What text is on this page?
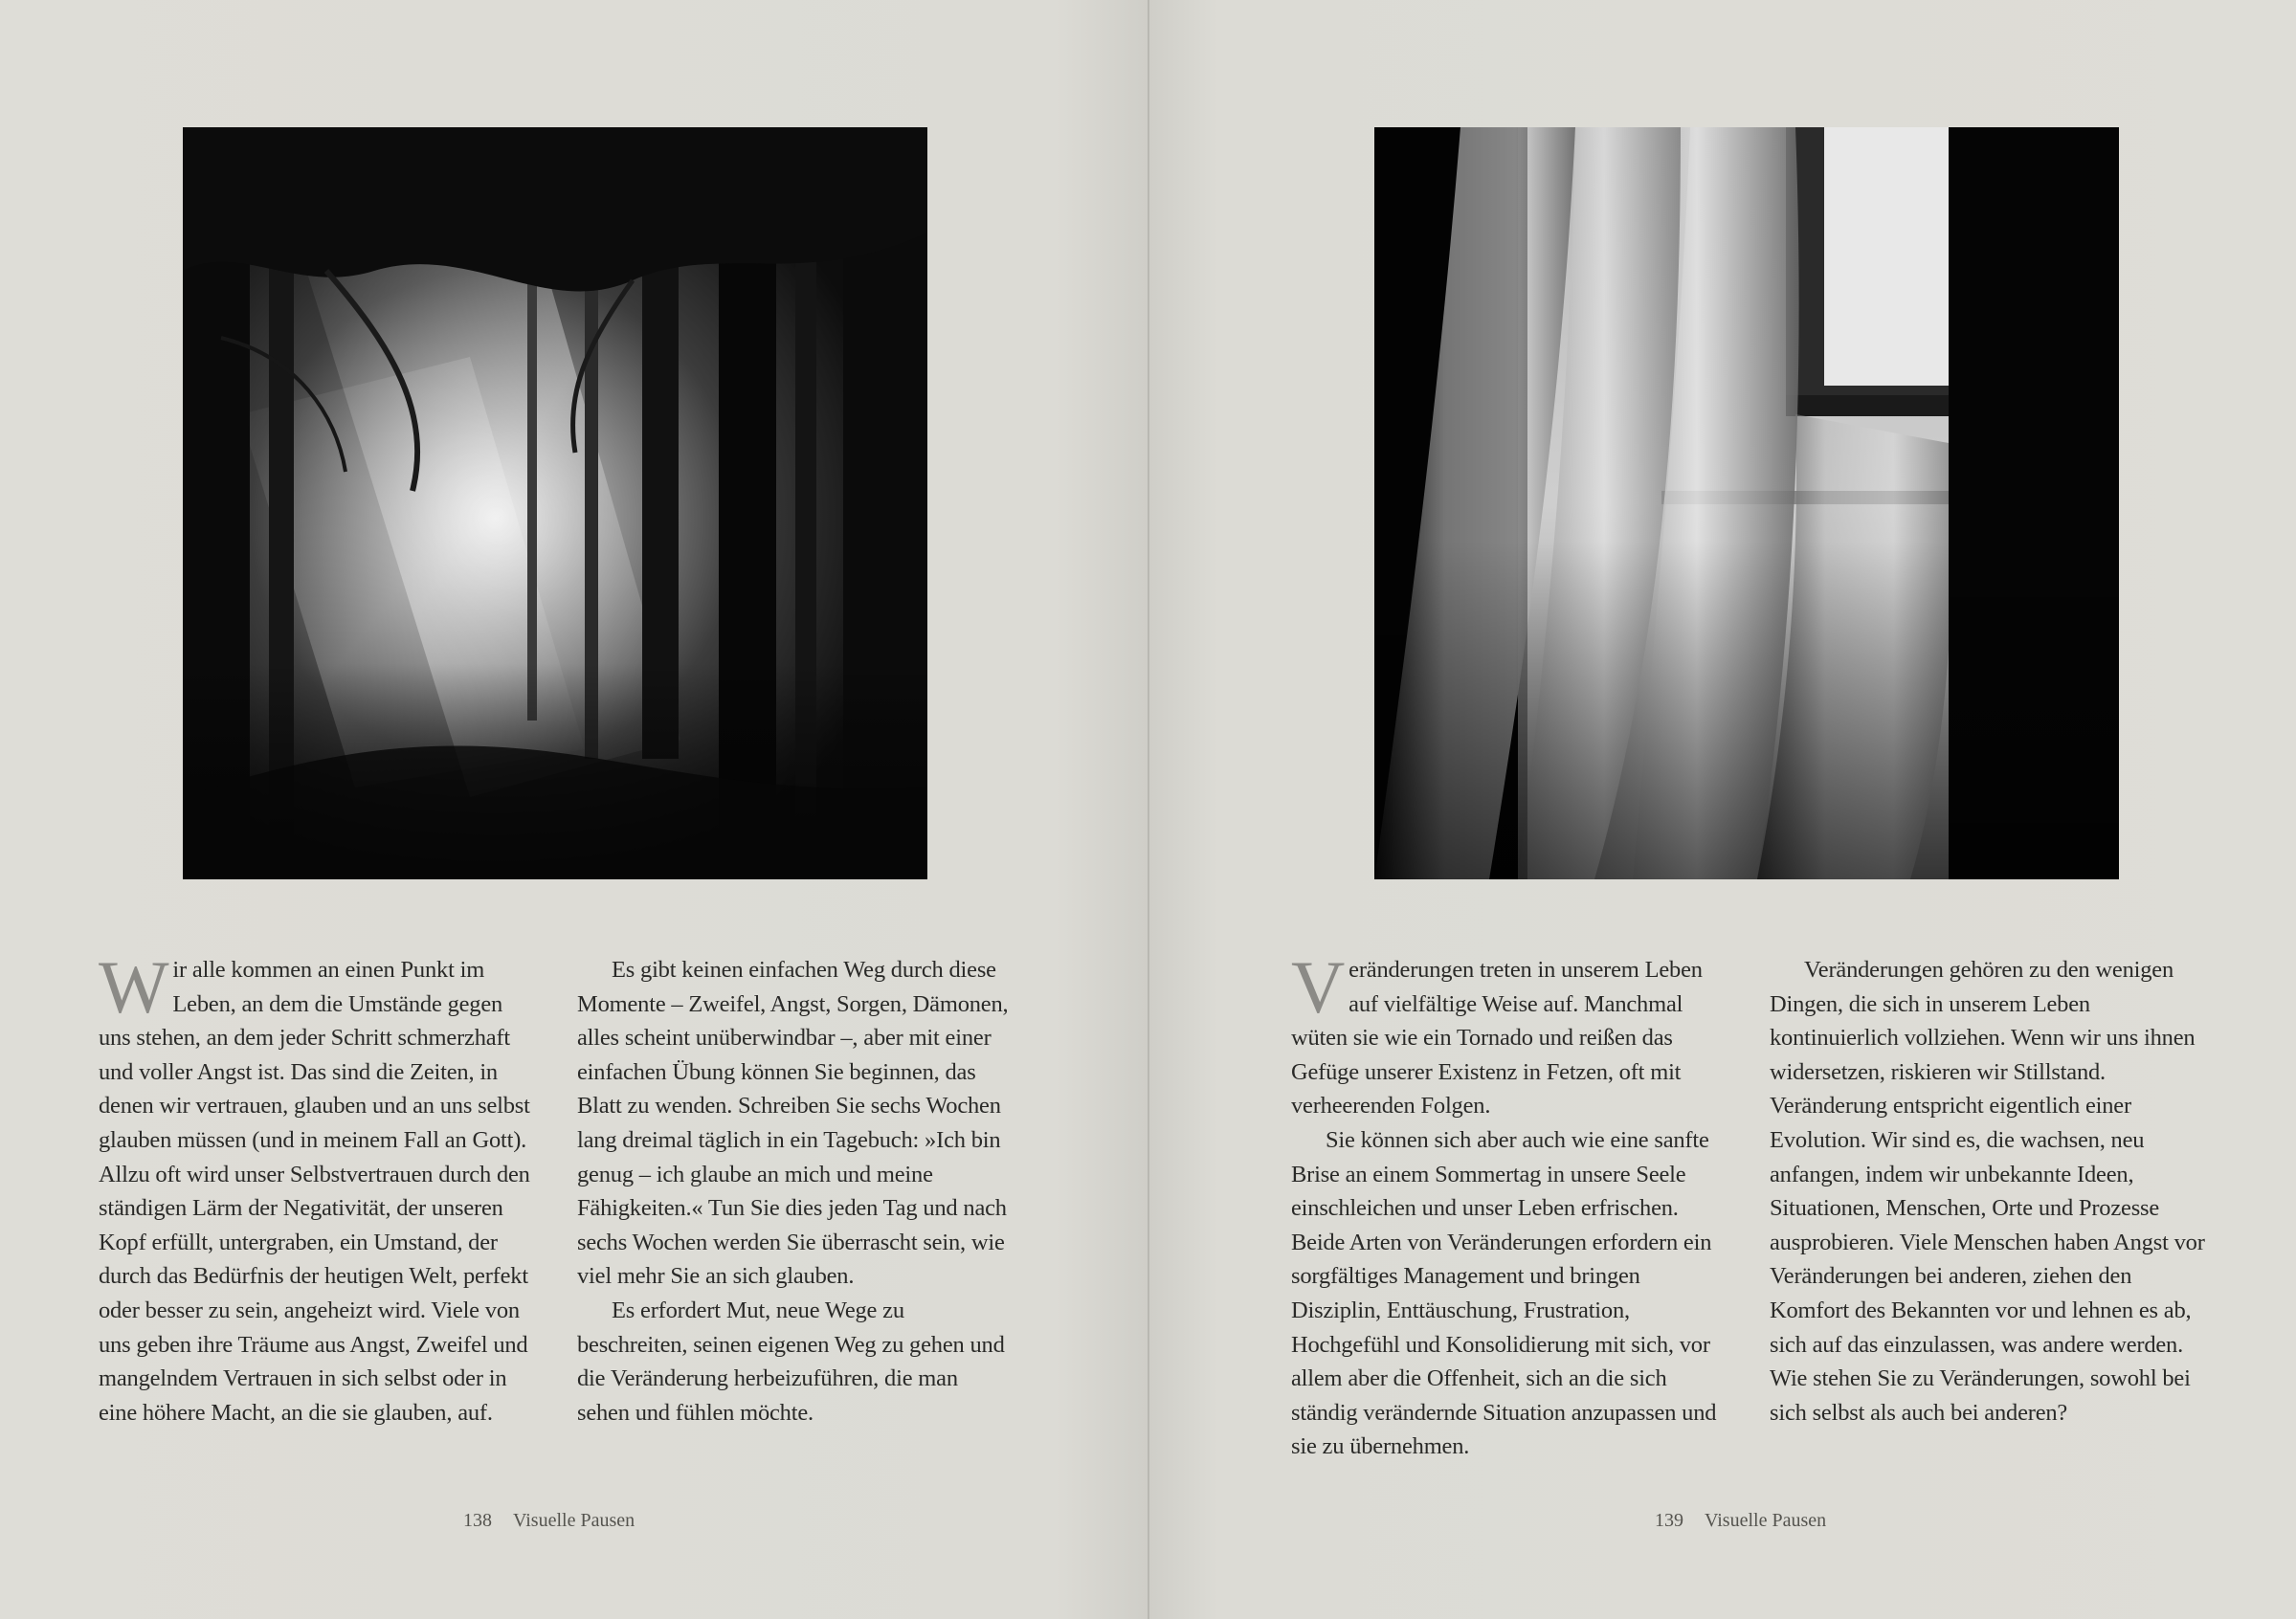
Wir alle kommen an einen Punkt im Leben, an dem die Umstände gegen uns stehen, an dem jeder Schritt schmerzhaft und voller Angst ist. Das sind die Zeiten, in denen wir vertrauen, glauben und an uns selbst glauben müssen (und in meinem Fall an Gott). Allzu oft wird unser Selbstvertrauen durch den ständigen Lärm der Negativität, der unseren Kopf erfüllt, untergraben, ein Umstand, der durch das Bedürfnis der heutigen Welt, perfekt oder besser zu sein, angeheizt wird. Viele von uns geben ihre Träume aus Angst, Zweifel und mangelndem Vertrauen in sich selbst oder in eine höhere Macht, an die sie glauben, auf.

Es gibt keinen einfachen Weg durch diese Momente – Zweifel, Angst, Sorgen, Dämonen, alles scheint unüberwindbar –, aber mit einer einfachen Übung können Sie beginnen, das Blatt zu wenden. Schreiben Sie sechs Wochen lang dreimal täglich in ein Tagebuch: »Ich bin genug – ich glaube an mich und meine Fähigkeiten.« Tun Sie dies jeden Tag und nach sechs Wochen werden Sie überrascht sein, wie viel mehr Sie an sich glauben.

Es erfordert Mut, neue Wege zu beschreiten, seinen eigenen Weg zu gehen und die Veränderung herbeizuführen, die man sehen und fühlen möchte.

138 Visuelle Pausen

Veränderungen treten in unserem Leben auf vielfältige Weise auf. Manchmal wüten sie wie ein Tornado und reißen das Gefüge unserer Existenz in Fetzen, oft mit verheerenden Folgen.

Sie können sich aber auch wie eine sanfte Brise an einem Sommertag in unsere Seele einschleichen und unser Leben erfrischen. Beide Arten von Veränderungen erfordern ein sorgfältiges Management und bringen Disziplin, Enttäuschung, Frustration, Hochgefühl und Konsolidierung mit sich, vor allem aber die Offenheit, sich an die sich ständig verändernde Situation anzupassen und sie zu übernehmen.

Veränderungen gehören zu den wenigen Dingen, die sich in unserem Leben kontinuierlich vollziehen. Wenn wir uns ihnen widersetzen, riskieren wir Stillstand. Veränderung entspricht eigentlich einer Evolution. Wir sind es, die wachsen, neu anfangen, indem wir unbekannte Ideen, Situationen, Menschen, Orte und Prozesse ausprobieren. Viele Menschen haben Angst vor Veränderungen bei anderen, ziehen den Komfort des Bekannten vor und lehnen es ab, sich auf das einzulassen, was andere werden. Wie stehen Sie zu Veränderungen, sowohl bei sich selbst als auch bei anderen?

139 Visuelle Pausen
